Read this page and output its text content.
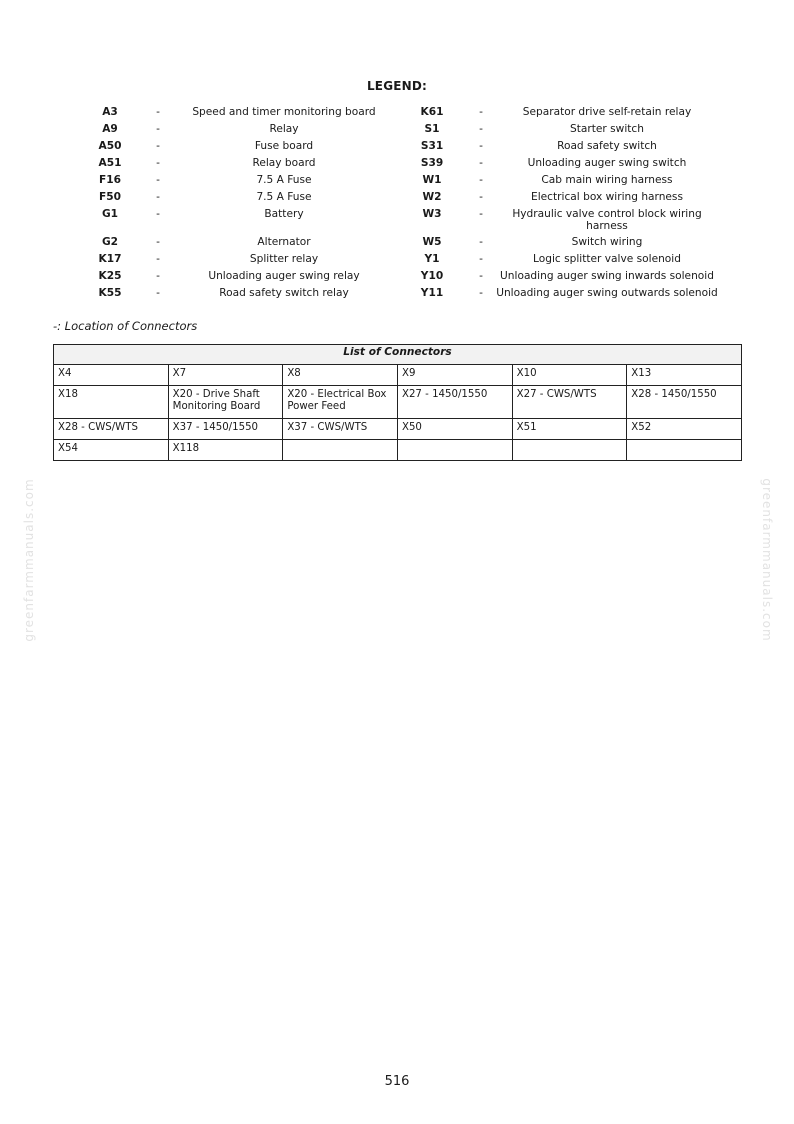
LEGEND:
A3	-	Speed and timer monitoring board	K61	-	Separator drive self-retain relay
A9	-	Relay	S1	-	Starter switch
A50	-	Fuse board	S31	-	Road safety switch
A51	-	Relay board	S39	-	Unloading auger swing switch
F16	-	7.5 A Fuse	W1	-	Cab main wiring harness
F50	-	7.5 A Fuse	W2	-	Electrical box wiring harness
G1	-	Battery	W3	-	Hydraulic valve control block wiring harness
G2	-	Alternator	W5	-	Switch wiring
K17	-	Splitter relay	Y1	-	Logic splitter valve solenoid
K25	-	Unloading auger swing relay	Y10	-	Unloading auger swing inwards solenoid
K55	-	Road safety switch relay	Y11	- Unloading auger swing outwards solenoid
-: Location of Connectors
List of Connectors					
X4	X7	X8	X9	X10	X13
X18	X20 - Drive Shaft Monitoring Board	X20 - Electrical Box Power Feed	X27 - 1450/1550	X27 - CWS/WTS	X28 - 1450/1550
X28 - CWS/WTS	X37 - 1450/1550	X37 - CWS/WTS	X50	X51	X52
X54	X118				
greenfarmmanuals.com	greenfarmmanuals.com
516
